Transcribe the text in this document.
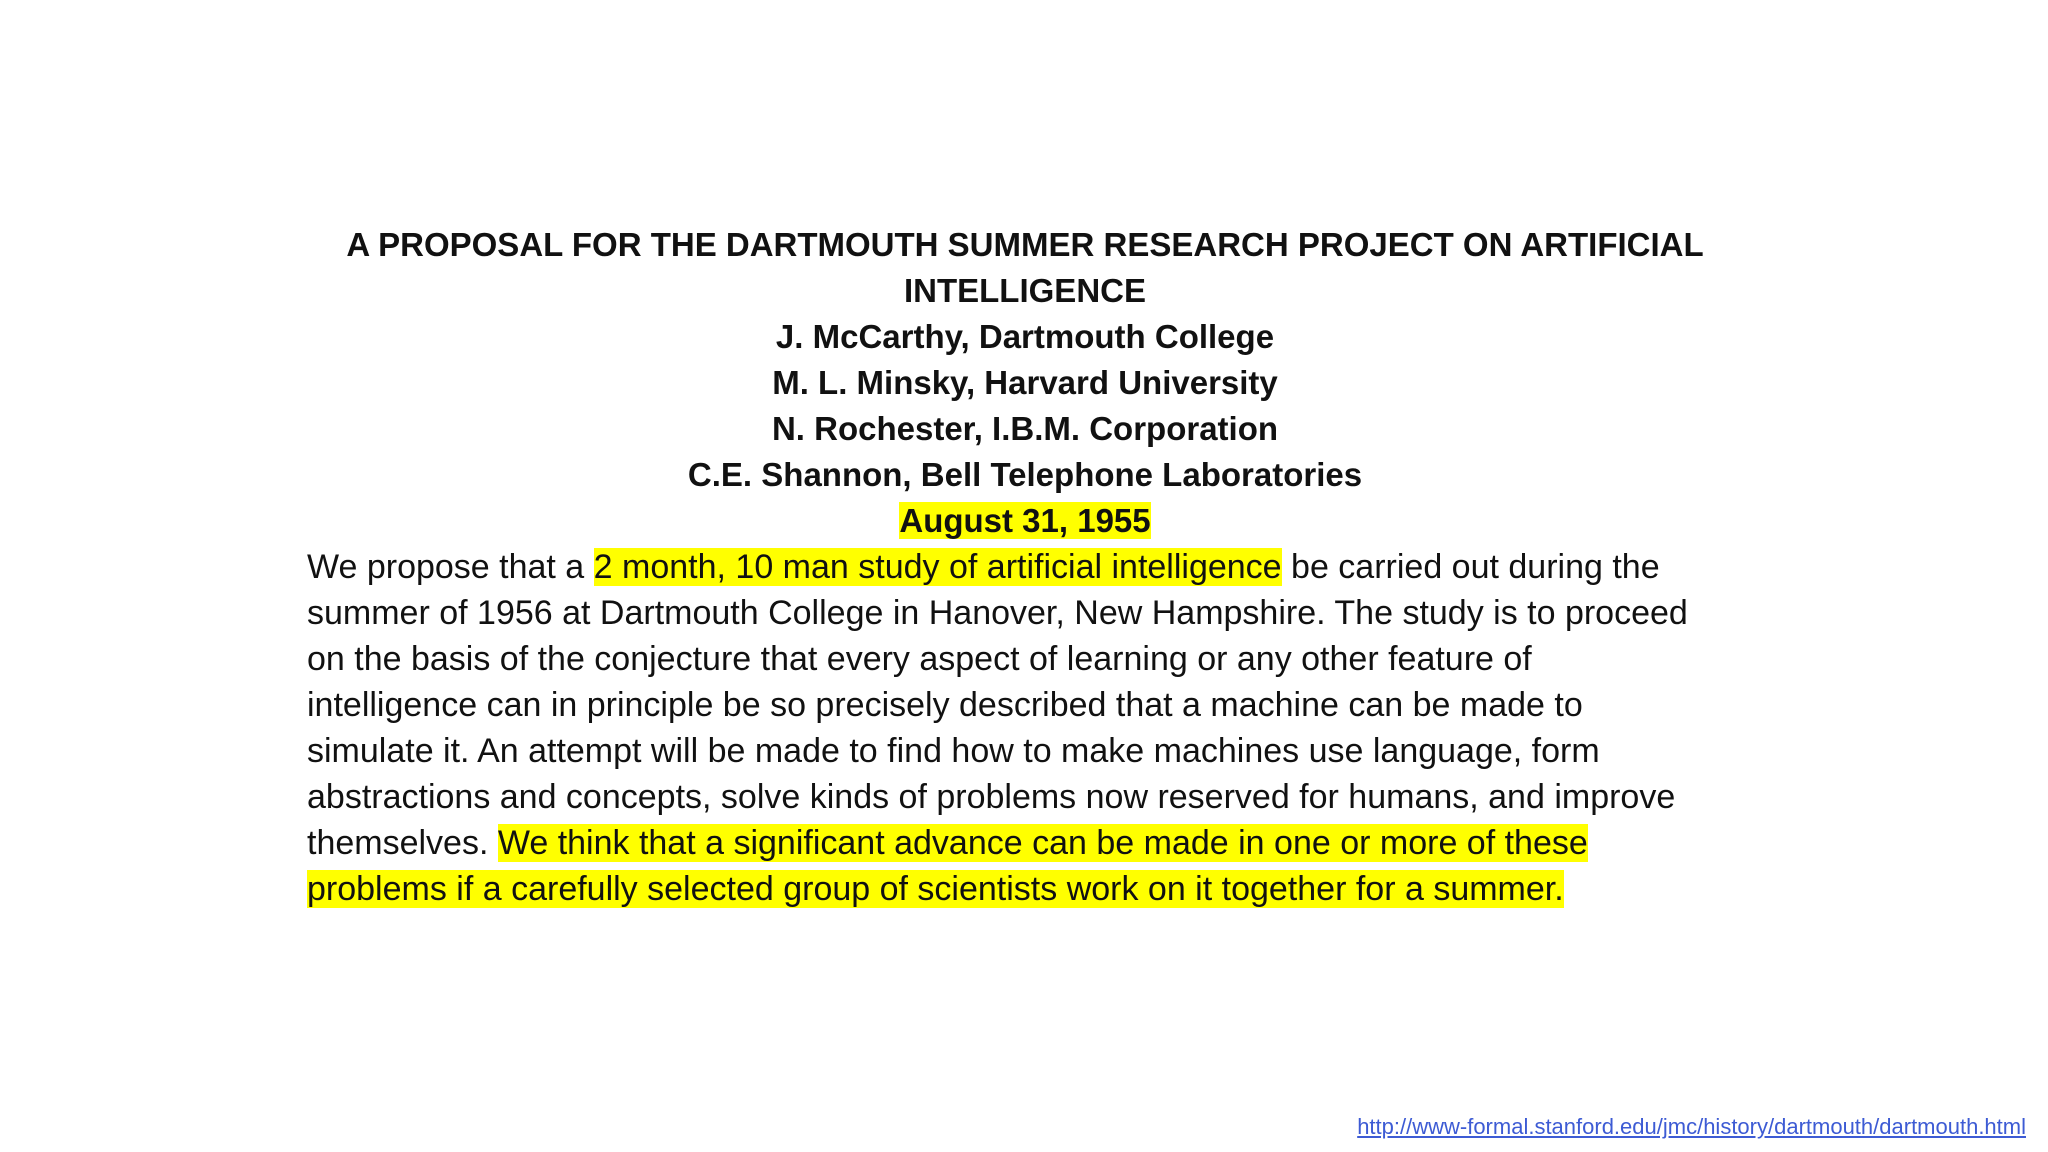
A PROPOSAL FOR THE DARTMOUTH SUMMER RESEARCH PROJECT ON ARTIFICIAL
INTELLIGENCE
J. McCarthy, Dartmouth College
M. L. Minsky, Harvard University
N. Rochester, I.B.M. Corporation
C.E. Shannon, Bell Telephone Laboratories
August 31, 1955
We propose that a 2 month, 10 man study of artificial intelligence be carried out during the
summer of 1956 at Dartmouth College in Hanover, New Hampshire. The study is to proceed
on the basis of the conjecture that every aspect of learning or any other feature of
intelligence can in principle be so precisely described that a machine can be made to
simulate it. An attempt will be made to find how to make machines use language, form
abstractions and concepts, solve kinds of problems now reserved for humans, and improve
themselves. We think that a significant advance can be made in one or more of these
problems if a carefully selected group of scientists work on it together for a summer.
http://www-formal.stanford.edu/jmc/history/dartmouth/dartmouth.html
